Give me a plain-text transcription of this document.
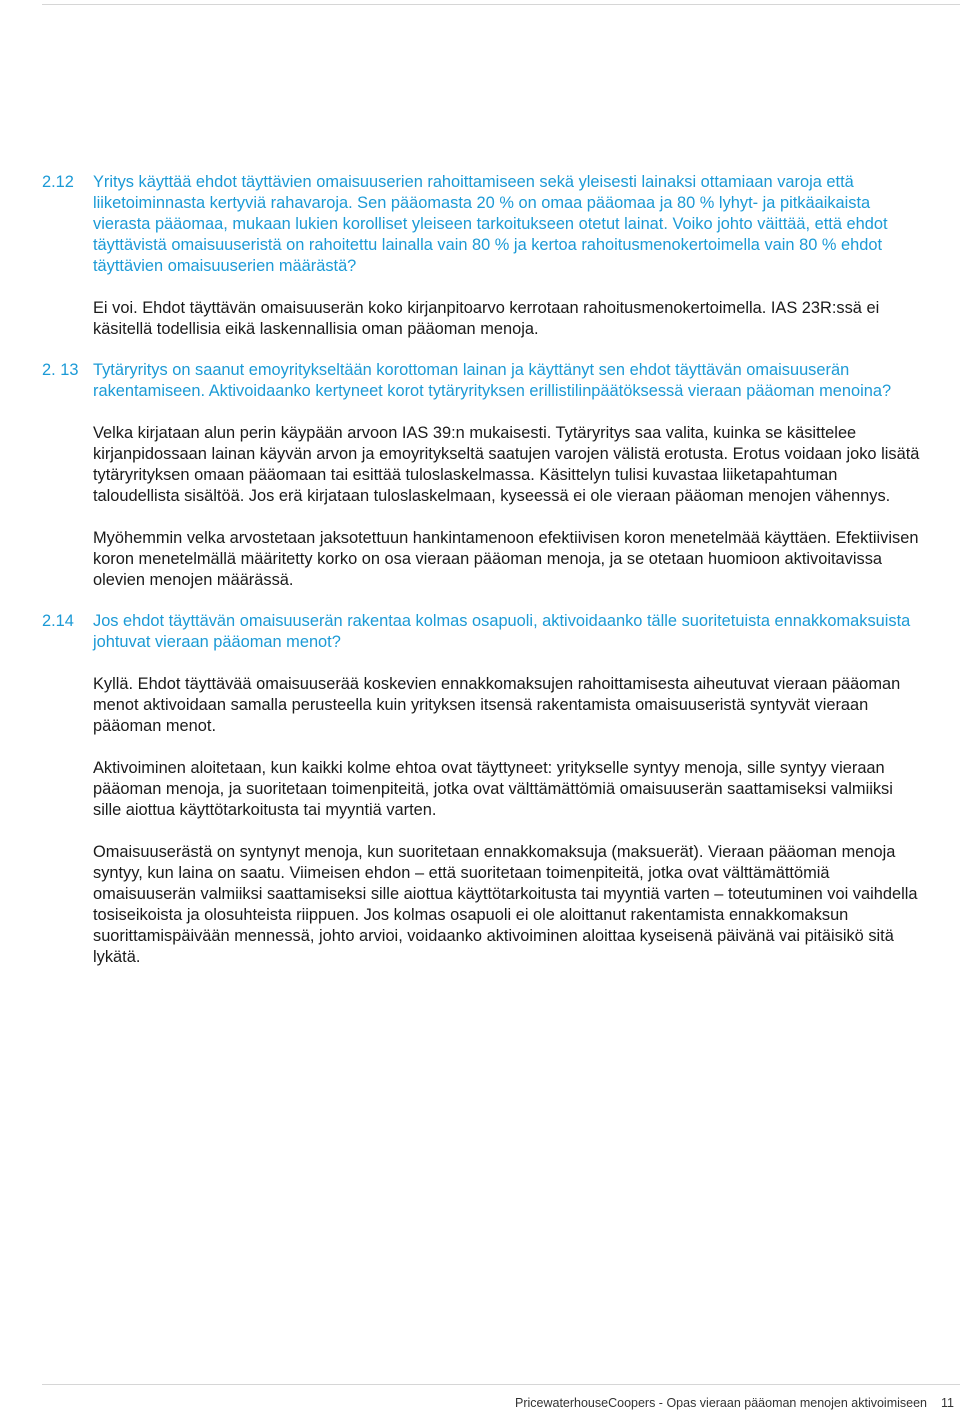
2.12	Yritys käyttää ehdot täyttävien omaisuuserien rahoittamiseen sekä yleisesti lainaksi ottamiaan varoja että liiketoiminnasta kertyviä rahavaroja. Sen pääomasta 20 % on omaa pääomaa ja 80 % lyhyt- ja pitkäaikaista vierasta pääomaa, mukaan lukien korolliset yleiseen tarkoitukseen otetut lainat. Voiko johto väittää, että ehdot täyttävistä omaisuuseristä on rahoitettu lainalla vain 80 % ja kertoa rahoitusmenokertoimella vain 80 % ehdot täyttävien omaisuuserien määrästä?

Ei voi. Ehdot täyttävän omaisuuserän koko kirjanpitoarvo kerrotaan rahoitusmenokertoimella. IAS 23R:ssä ei käsitellä todellisia eikä laskennallisia oman pääoman menoja.

2. 13 Tytäryritys on saanut emoyritykseltään korottoman lainan ja käyttänyt sen ehdot täyttävän omaisuuserän rakentamiseen. Aktivoidaanko kertyneet korot tytäryrityksen erillistilinpäätöksessä vieraan pääoman menoina?

Velka kirjataan alun perin käypään arvoon IAS 39:n mukaisesti. Tytäryritys saa valita, kuinka se käsittelee kirjanpidossaan lainan käyvän arvon ja emoyritykseltä saatujen varojen välistä erotusta. Erotus voidaan joko lisätä tytäryrityksen omaan pääomaan tai esittää tuloslaskelmassa. Käsittelyn tulisi kuvastaa liiketapahtuman taloudellista sisältöä. Jos erä kirjataan tuloslaskelmaan, kyseessä ei ole vieraan pääoman menojen vähennys.

Myöhemmin velka arvostetaan jaksotettuun hankintamenoon efektiivisen koron menetelmää käyttäen. Efektiivisen koron menetelmällä määritetty korko on osa vieraan pääoman menoja, ja se otetaan huomioon aktivoitavissa olevien menojen määrässä.

2.14	Jos ehdot täyttävän omaisuuserän rakentaa kolmas osapuoli, aktivoidaanko tälle suoritetuista ennakkomaksuista johtuvat vieraan pääoman menot?

Kyllä. Ehdot täyttävää omaisuuserää koskevien ennakkomaksujen rahoittamisesta aiheutuvat vieraan pääoman menot aktivoidaan samalla perusteella kuin yrityksen itsensä rakentamista omaisuuseristä syntyvät vieraan pääoman menot.

Aktivoiminen aloitetaan, kun kaikki kolme ehtoa ovat täyttyneet: yritykselle syntyy menoja, sille syntyy vieraan pääoman menoja, ja suoritetaan toimenpiteitä, jotka ovat välttämättömiä omaisuuserän saattamiseksi valmiiksi sille aiottua käyttötarkoitusta tai myyntiä varten.

Omaisuuserästä on syntynyt menoja, kun suoritetaan ennakkomaksuja (maksuerät). Vieraan pääoman menoja syntyy, kun laina on saatu. Viimeisen ehdon – että suoritetaan toimenpiteitä, jotka ovat välttämättömiä omaisuuserän valmiiksi saattamiseksi sille aiottua käyttötarkoitusta tai myyntiä varten – toteutuminen voi vaihdella tosiseikoista ja olosuhteista riippuen. Jos kolmas osapuoli ei ole aloittanut rakentamista ennakkomaksun suorittamispäivään mennessä, johto arvioi, voidaanko aktivoiminen aloittaa kyseisenä päivänä vai pitäisikö sitä lykätä.

PricewaterhouseCoopers - Opas vieraan pääoman menojen aktivoimiseen 11
